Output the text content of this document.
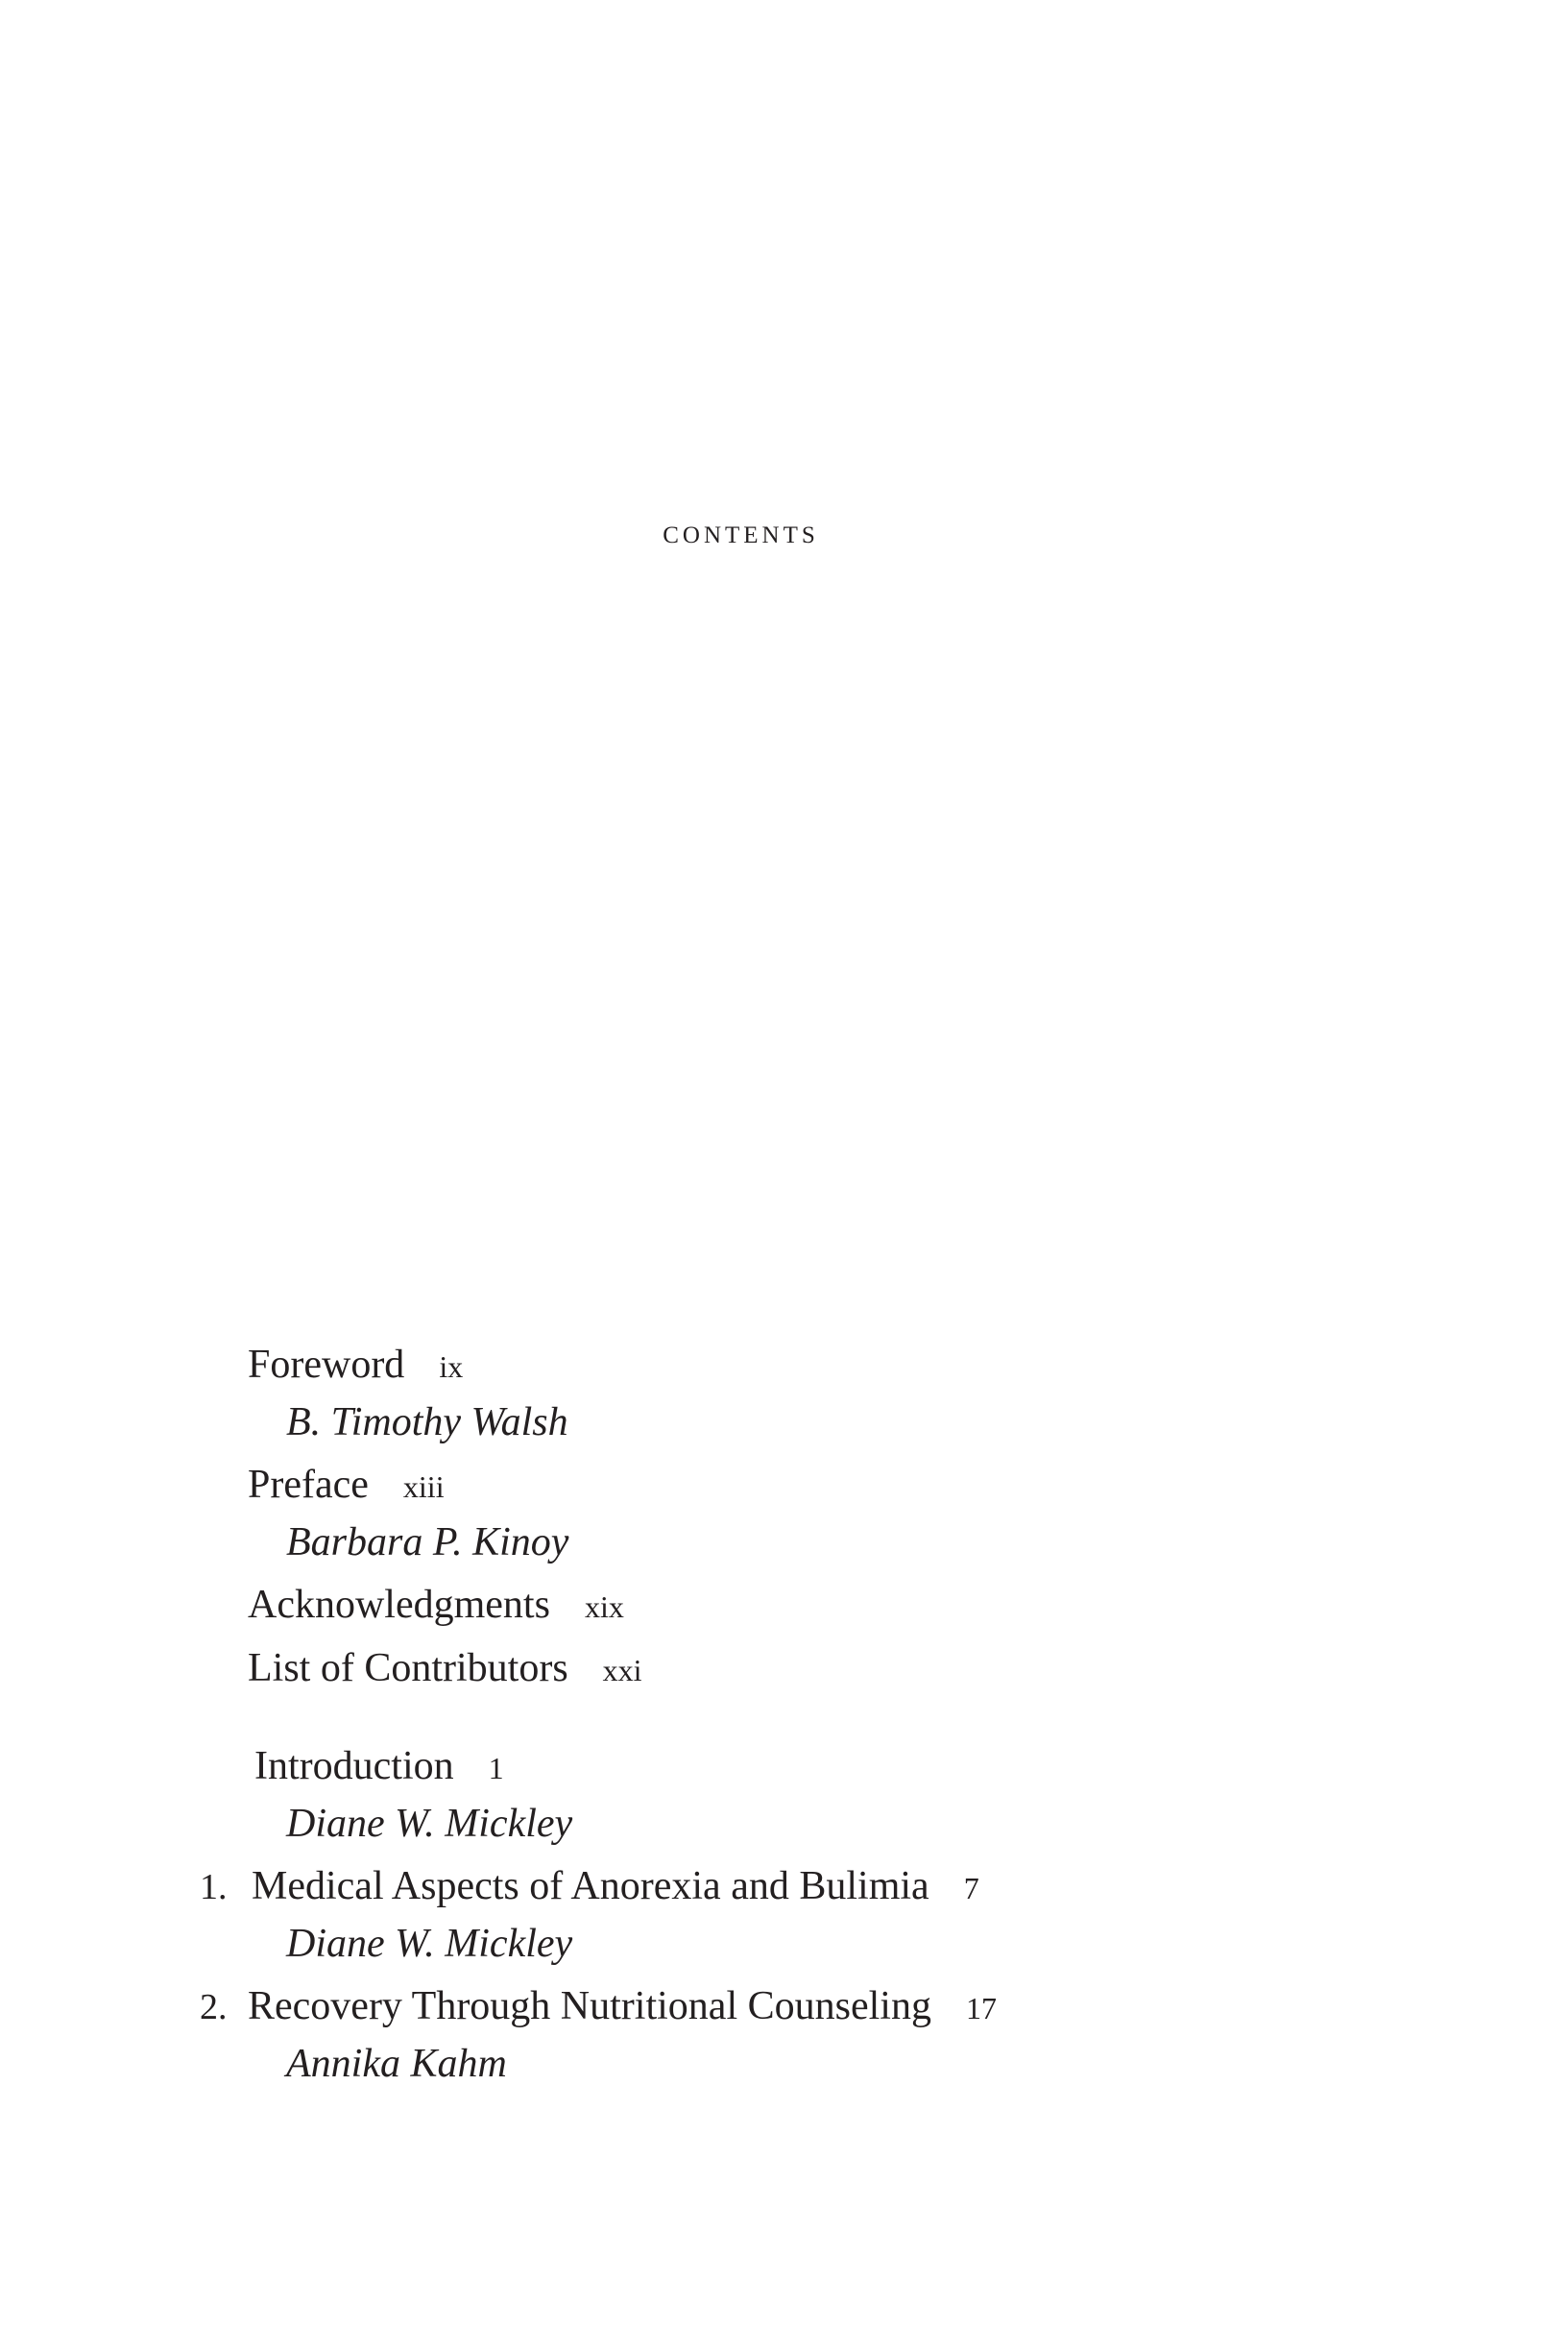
contents
Foreword ix
B. Timothy Walsh
Preface xiii
Barbara P. Kinoy
Acknowledgments xix
List of Contributors xxi
Introduction 1
Diane W. Mickley
1. Medical Aspects of Anorexia and Bulimia 7
Diane W. Mickley
2. Recovery Through Nutritional Counseling 17
Annika Kahm
